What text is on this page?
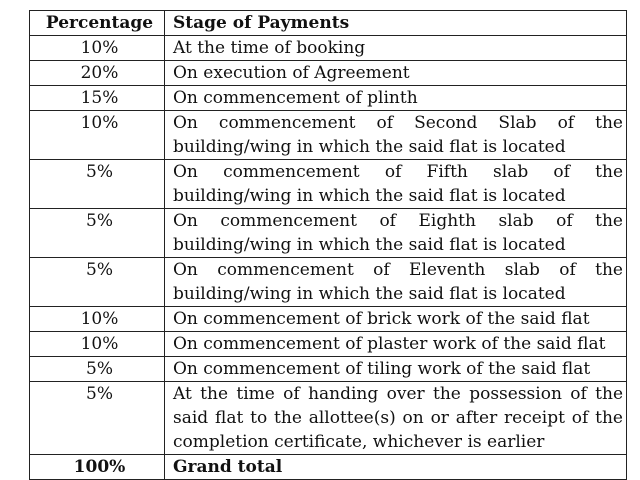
Percentage	Stage of Payments
10%	At the time of booking

20%	On execution of Agreement

15%	On commencement of plinth

10%	On commencement of Second Slab of the
building/wing in which the said flat is located

5%	On commencement of Fifth slab of the
building/wing in which the said flat is located

5%	On commencement of Eighth slab of the
building/wing in which the said flat is located

5%	On commencement of Eleventh slab of the
building/wing in which the said flat is located

10%	On commencement of brick work of the said flat

10%	On commencement of plaster work of the said flat

5%	On commencement of tiling work of the said flat

5%	At the time of handing over the possession of the
said flat to the allottee(s) on or after receipt of the
completion certificate, whichever is earlier

100%	Grand total
